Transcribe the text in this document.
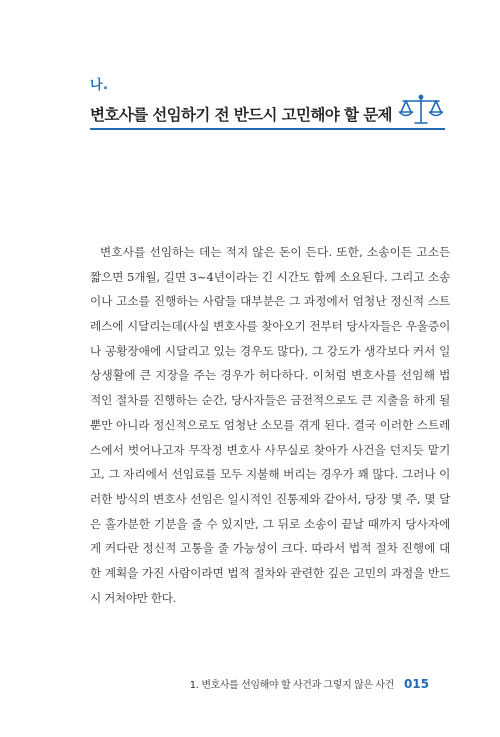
나.
변호사를 선임하기 전 반드시 고민해야 할 문제
변호사를 선임하는 데는 적지 않은 돈이 든다. 또한, 소송이든 고소든
짧으면 5개월, 길면 3~4년이라는 긴 시간도 함께 소요된다. 그리고 소송
이나 고소를 진행하는 사람들 대부분은 그 과정에서 엄청난 정신적 스트
레스에 시달리는데(사실 변호사를 찾아오기 전부터 당사자들은 우울증이
나 공황장애에 시달리고 있는 경우도 많다), 그 강도가 생각보다 커서 일
상생활에 큰 지장을 주는 경우가 허다하다. 이처럼 변호사를 선임해 법
적인 절차를 진행하는 순간, 당사자들은 금전적으로도 큰 지출을 하게 될
뿐만 아니라 정신적으로도 엄청난 소모를 겪게 된다. 결국 이러한 스트레
스에서 벗어나고자 무작정 변호사 사무실로 찾아가 사건을 던지듯 맡기
고, 그 자리에서 선임료를 모두 지불해 버리는 경우가 꽤 많다. 그러나 이
러한 방식의 변호사 선임은 일시적인 진통제와 같아서, 당장 몇 주, 몇 달
은 홀가분한 기분을 줄 수 있지만, 그 뒤로 소송이 끝날 때까지 당사자에
게 커다란 정신적 고통을 줄 가능성이 크다. 따라서 법적 절차 진행에 대
한 계획을 가진 사람이라면 법적 절차와 관련한 깊은 고민의 과정을 반드
시 거쳐야만 한다.
1. 변호사를 선임해야 할 사건과 그렇지 않은 사건 015
